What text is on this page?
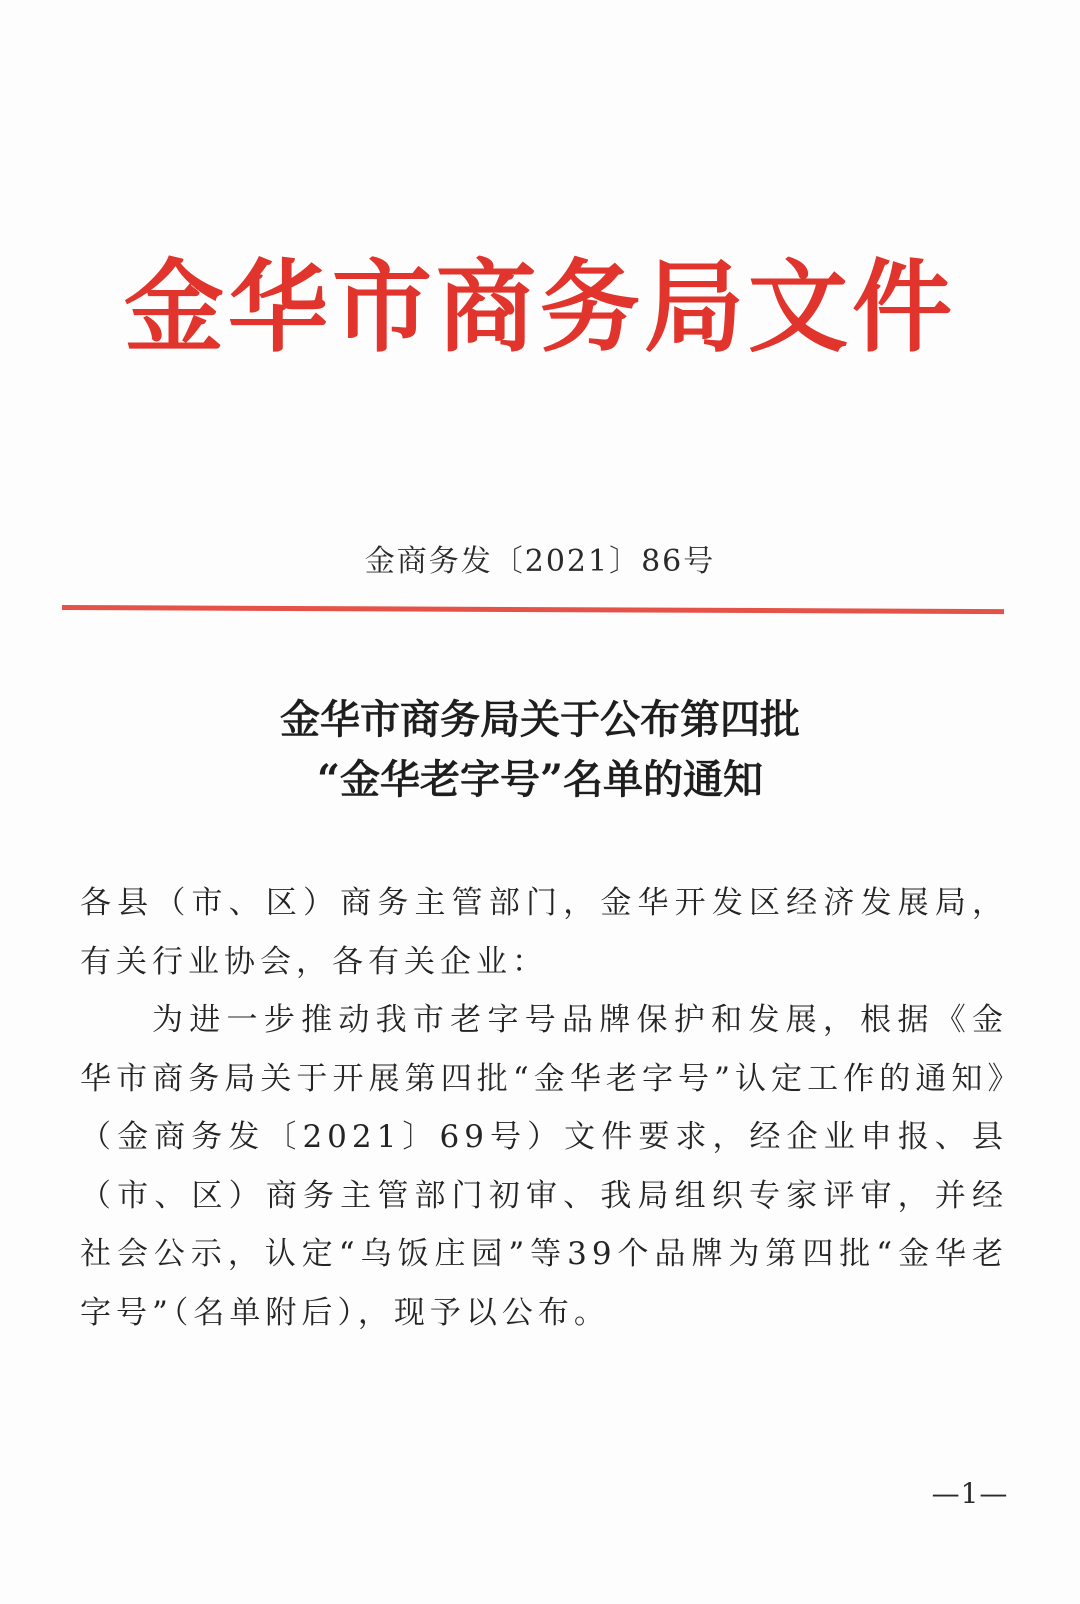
金华市商务局文件
金商务发〔2021〕86号
金华市商务局关于公布第四批
“金华老字号”名单的通知

各县（市、区）商务主管部门，金华开发区经济发展局，有关行业协会，各有关企业：

为进一步推动我市老字号品牌保护和发展，根据《金华市商务局关于开展第四批“金华老字号”认定工作的通知》（金商务发〔2021〕69号）文件要求，经企业申报、县（市、区）商务主管部门初审、我局组织专家评审，并经社会公示，认定“乌饭庄园”等39个品牌为第四批“金华老字号”（名单附后），现予以公布。

—1—
